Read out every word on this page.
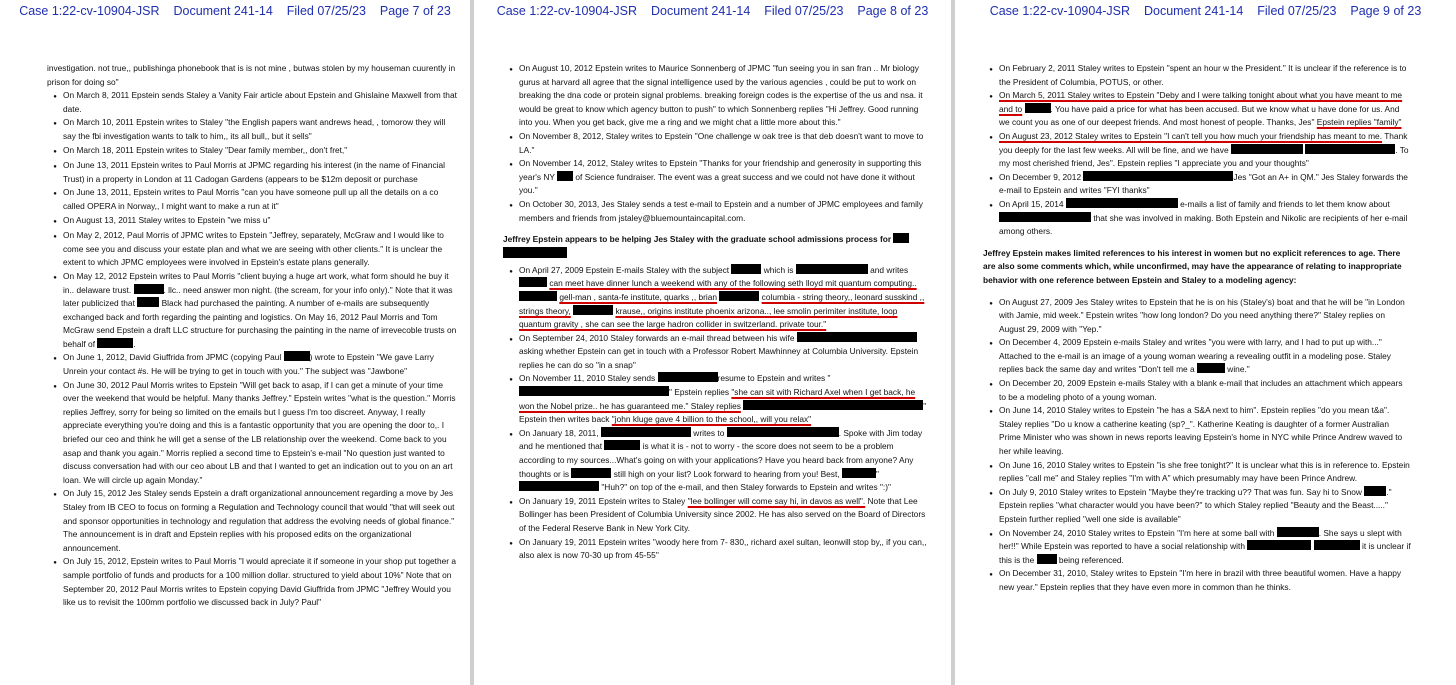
Case 1:22-cv-10904-JSR Document 241-14 Filed 07/25/23 Page 7 of 23

investigation. not true,, publishinga phonebook that is is not mine , butwas stolen by my houseman cuurently in prison for doing so"

●
On March 8, 2011 Epstein sends Staley a Vanity Fair article about Epstein and Ghislaine Maxwell from that date.
●
On March 10, 2011 Epstein writes to Staley "the English papers want andrews head, , tomorow they will say the fbi investigation wants to talk to him,, its all bull,, but it sells"
●
On March 18, 2011 Epstein writes to Staley "Dear family member,, don't fret,"
●
On June 13, 2011 Epstein writes to Paul Morris at JPMC regarding his interest (in the name of Financial Trust) in a property in London at 11 Cadogan Gardens (appears to be $12m deposit or purchase
●
On June 13, 2011, Epstein writes to Paul Morris "can you have someone pull up all the details on a co called OPERA in Norway,, I might want to make a run at it"
●
On August 13, 2011 Staley writes to Epstein "we miss u"
●
On May 2, 2012, Paul Morris of JPMC writes to Epstein "Jeffrey, separately, McGraw and I would like to come see you and discuss your estate plan and what we are seeing with other clients." It is unclear the extent to which JPMC employees were involved in Epstein's estate plans generally.
●
On May 12, 2012 Epstein writes to Paul Morris "client buying a huge art work, what form should he buy it in.. delaware trust.	. llc.. need answer mon night. (the scream, for your info only)." Note that it was later publicized that	Black had purchased the painting. A number of e-mails are subsequently exchanged back and forth regarding the painting and logistics. On May 16, 2012 Paul Morris and Tom McGraw send Epstein a draft LLC structure for purchasing the painting in the name of irrevecoble trusts on behalf of	.
●
On June 1, 2012, David Giuffrida from JPMC (copying Paul	) wrote to Epstein "We gave Larry Unrein your contact #s. He will be trying to get in touch with you." The subject was "Jawbone"
●
On June 30, 2012 Paul Morris writes to Epstein "Will get back to asap, if I can get a minute of your time over the weekend that would be helpful. Many thanks Jeffrey." Epstein writes "what is the question." Morris replies Jeffrey, sorry for being so limited on the emails but I guess I'm too discreet. Anyway, I really appreciate everything you're doing and this is a fantastic opportunity that you are opening the door to,. I briefed our ceo and think he will get a sense of the LB relationship over the weekend. Come back to you asap and thank you again." Morris replied a second time to Epstein's e-mail "No question just wanted to discuss conversation had with our ceo about LB and that I wanted to get an indication out to you on an art loan. We will circle up again Monday."
●
On July 15, 2012 Jes Staley sends Epstein a draft organizational announcement regarding a move by Jes Staley from IB CEO to focus on forming a Regulation and Technology council that would "that will seek out and sponsor opportunities in technology and regulation that address the evolving needs of global finance." The announcement is in draft and Epstein replies with his proposed edits on the organizational announcement.
●
On July 15, 2012, Epstein writes to Paul Morris "I would apreciate it if someone in your shop put together a sample portfolio of funds and products for a 100 million dollar. structured to yield about 10%" Note that on September 20, 2012 Paul Morris writes to Epstein copying David Giuffrida from JPMC "Jeffrey Would you like us to revisit the 100mm portfolio we discussed back in July? Paul"
Case 1:22-cv-10904-JSR Document 241-14 Filed 07/25/23 Page 8 of 23
●
On August 10, 2012 Epstein writes to Maurice Sonnenberg of JPMC "fun seeing you in san fran .. Mr biology gurus at harvard all agree that the signal intelligence used by the various agencies , could be put to work on breaking the dna code or protein signal problems. breaking foreign codes is the expertise of the us and nsa. it would be great to know which agency button to push" to which Sonnenberg replies "Hi Jeffrey. Good running into you. When you get back, give me a ring and we might chat a little more about this."
●
On November 8, 2012, Staley writes to Epstein "One challenge w oak tree is that deb doesn't want to move to LA."
●
On November 14, 2012, Staley writes to Epstein "Thanks for your friendship and generosity in supporting this year's NY of Science fundraiser. The event was a great success and we could not have done it without you."
●
On October 30, 2013, Jes Staley sends a test e-mail to Epstein and a number of JPMC employees and family members and friends from jstaley@bluemountaincapital.com.

Jeffrey Epstein appears to be helping Jes Staley with the graduate school admissions process for

●
On April 27, 2009 Epstein E-mails Staley with the subject	which is	and writes  can meet have dinner lunch a weekend with any of the following seth lloyd mit quantum computing..  gell-man , santa-fe institute, quarks ,, brian	columbia - string theory,, leonard susskind ,, strings theory,	krause,, origins institute phoenix arizona.., lee smolin perimiter institute, loop quantum gravity , she can see the large hadron collider in switzerland. private tour."
●
On September 24, 2010 Staley forwards an e-mail thread between his wife  asking whether Epstein can get in touch with a Professor Robert Mawhinney at Columbia University. Epstein replies he can do so "in a snap"
●
On November 11, 2010 Staley sends	resume to Epstein and writes " " Epstein replies "she can sit with Richard Axel when I get back, he won the Nobel prize.. he has guaranteed me." Staley replies	" Epstein then writes back "john kluge gave 4 billion to the school,, will you relax"
●
On January 18, 2011,	writes to	. Spoke with Jim today and he mentioned that	is what it is - not to worry - the score does not seem to be a problem according to my sources...What's going on with your applications? Have you heard back from anyone? Any thoughts or is	still high on your list? Look forward to hearing from you! Best,	"  "Huh?" on top of the e-mail, and then Staley forwards to Epstein and writes ":)"
●
On January 19, 2011 Epstein writes to Staley "lee bollinger will come say hi, in davos as well". Note that Lee Bollinger has been President of Columbia University since 2002. He has also served on the Board of Directors of the Federal Reserve Bank in New York City.
●
On January 19, 2011 Epstein writes "woody here from 7- 830,, richard axel sultan, leonwill stop by,, if you can,, also alex is now 70-30 up from 45-55"
Case 1:22-cv-10904-JSR Document 241-14 Filed 07/25/23 Page 9 of 23
●
On February 2, 2011 Staley writes to Epstein "spent an hour w the President." It is unclear if the reference is to the President of Columbia, POTUS, or other.
●
On March 5, 2011 Staley writes to Epstein "Deby and I were talking tonight about what you have meant to me and to	. You have paid a price for what has been accused. But we know what u have done for us. And we count you as one of our deepest friends. And most honest of people. Thanks, Jes" Epstein replies "family"
●
On August 23, 2012 Staley writes to Epstein "I can't tell you how much your friendship has meant to me. Thank you deeply for the last few weeks. All will be fine, and we have	. To my most cherished friend, Jes". Epstein replies "I appreciate you and your thoughts"
●
On December 9, 2012	Jes "Got an A+ in QM." Jes Staley forwards the e-mail to Epstein and writes "FYI thanks"
●
On April 15, 2014	e-mails a list of family and friends to let them know about  that she was involved in making. Both Epstein and Nikolic are recipients of her e-mail among others.

Jeffrey Epstein makes limited references to his interest in women but no explicit references to age. There are also some comments which, while unconfirmed, may have the appearance of relating to inappropriate behavior with one reference between Epstein and Staley to a modeling agency:

●
On August 27, 2009 Jes Staley writes to Epstein that he is on his (Staley's) boat and that he will be "in London with Jamie, mid week." Epstein writes "how long london? Do you need anything there?" Staley replies on August 29, 2009 with "Yep."
●
On December 4, 2009 Epstein e-mails Staley and writes "you were with larry, and I had to put up with..." Attached to the e-mail is an image of a young woman wearing a revealing outfit in a modeling pose. Staley replies back the same day and writes "Don't tell me a	wine."
●
On December 20, 2009 Epstein e-mails Staley with a blank e-mail that includes an attachment which appears to be a modeling photo of a young woman.
●
On June 14, 2010 Staley writes to Epstein "he has a S&A next to him". Epstein replies "do you mean t&a". Staley replies "Do u know a catherine keating (sp?_". Katherine Keating is daughter of a former Australian Prime Minister who was shown in news reports leaving Epstein's home in NYC while Prince Andrew waved to her while leaving.
●
On June 16, 2010 Staley writes to Epstein "is she free tonight?" It is unclear what this is in reference to. Epstein replies "call me" and Staley replies "I'm with A" which presumably may have been Prince Andrew.
●
On July 9, 2010 Staley writes to Epstein "Maybe they're tracking u?? That was fun. Say hi to Snow	." Epstein replies "what character would you have been?" to which Staley replied "Beauty and the Beast....." Epstein further replied "well one side is available"
●
On November 24, 2010 Staley writes to Epstein "I'm here at some ball with	. She says u slept with her!!" While Epstein was reported to have a social relationship with	it is unclear if this is the	being referenced.
●
On December 31, 2010, Staley writes to Epstein "I'm here in brazil with three beautiful women. Have a happy new year." Epstein replies that they have even more in common than he thinks.
